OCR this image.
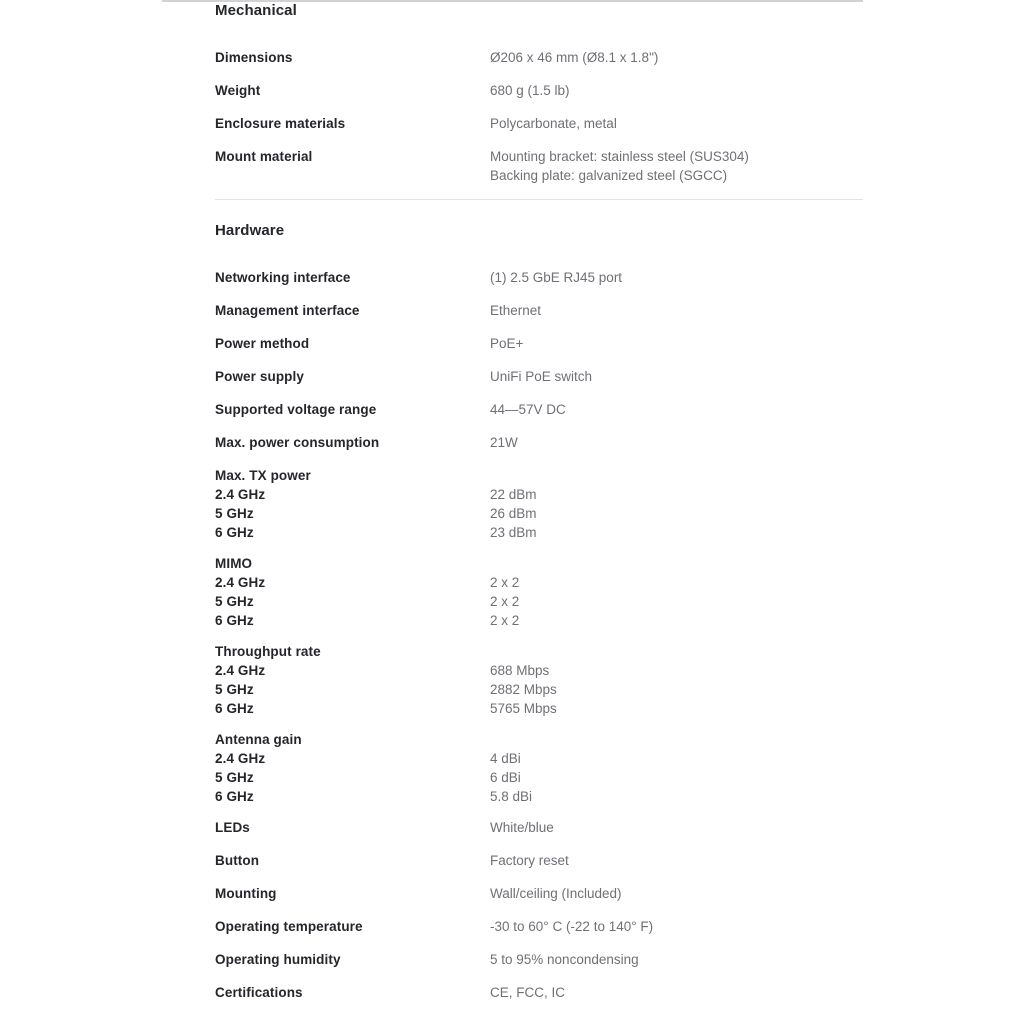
Mechanical
Dimensions	Ø206 x 46 mm (Ø8.1 x 1.8")
Weight	680 g (1.5 lb)
Enclosure materials	Polycarbonate, metal
Mount material	Mounting bracket: stainless steel (SUS304)
Backing plate: galvanized steel (SGCC)
Hardware
Networking interface	(1) 2.5 GbE RJ45 port
Management interface	Ethernet
Power method	PoE+
Power supply	UniFi PoE switch
Supported voltage range	44—57V DC
Max. power consumption	21W
Max. TX power
2.4 GHz	22 dBm
5 GHz	26 dBm
6 GHz	23 dBm
MIMO
2.4 GHz	2 x 2
5 GHz	2 x 2
6 GHz	2 x 2
Throughput rate
2.4 GHz	688 Mbps
5 GHz	2882 Mbps
6 GHz	5765 Mbps
Antenna gain
2.4 GHz	4 dBi
5 GHz	6 dBi
6 GHz	5.8 dBi
LEDs	White/blue
Button	Factory reset
Mounting	Wall/ceiling (Included)
Operating temperature	-30 to 60° C (-22 to 140° F)
Operating humidity	5 to 95% noncondensing
Certifications	CE, FCC, IC
